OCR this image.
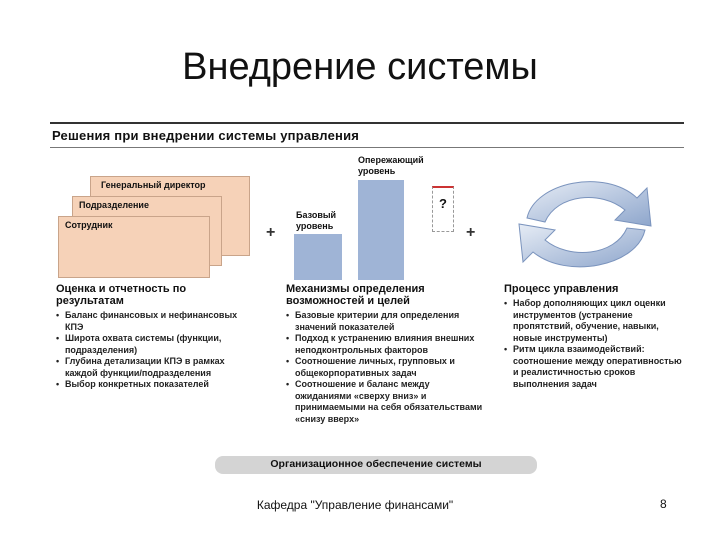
Внедрение системы
Решения при внедрении системы управления
Генеральный директор
Подразделение
Сотрудник	+	+
Опережающий уровень
Базовый уровень
?
Оценка и отчетность по результатам
• Баланс финансовых и нефинансовых КПЭ
• Широта охвата системы (функции, подразделения)
• Глубина детализации КПЭ в рамках каждой функции/подразделения
• Выбор конкретных показателей
Механизмы определения возможностей и целей
• Базовые критерии для определения значений показателей
• Подход к устранению влияния внешних неподконтрольных факторов
• Соотношение личных, групповых и общекорпоративных задач
• Соотношение и баланс между ожиданиями «сверху вниз» и принимаемыми на себя обязательствами «снизу вверх»
Процесс управления
• Набор дополняющих цикл оценки инструментов (устранение пропятствий, обучение, навыки, новые инструменты)
• Ритм цикла взаимодействий: соотношение между оперативностью и реалистичностью сроков выполнения задач
Организационное обеспечение системы
Кафедра "Управление финансами"	8
